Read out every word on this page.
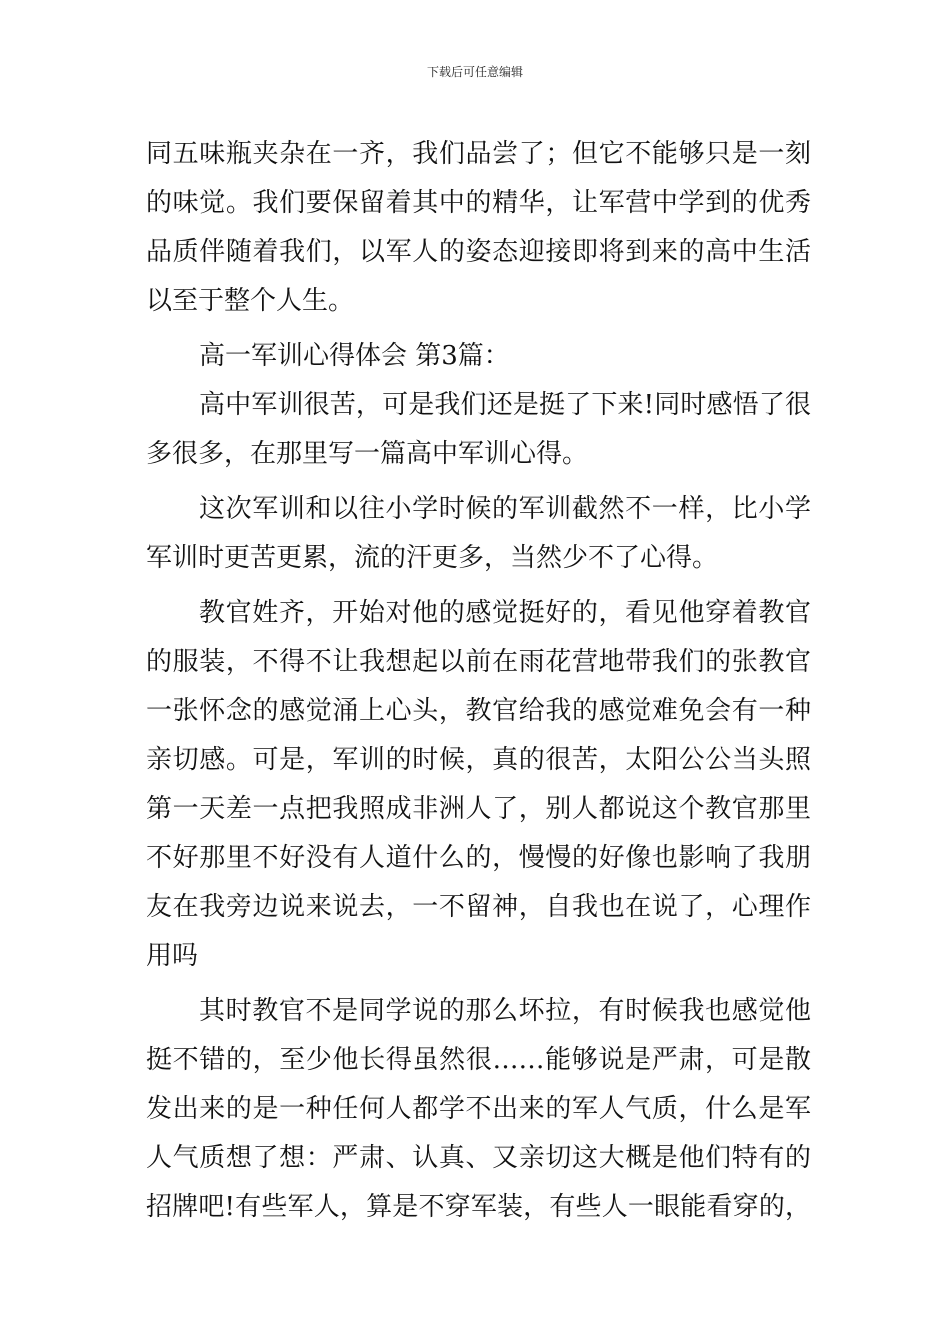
下载后可任意编辑
同五味瓶夹杂在一齐，我们品尝了；但它不能够只是一刻
的味觉。我们要保留着其中的精华，让军营中学到的优秀
品质伴随着我们，以军人的姿态迎接即将到来的高中生活
以至于整个人生。
高一军训心得体会 第3篇：
高中军训很苦，可是我们还是挺了下来!同时感悟了很
多很多，在那里写一篇高中军训心得。
这次军训和以往小学时候的军训截然不一样，比小学
军训时更苦更累，流的汗更多，当然少不了心得。
教官姓齐，开始对他的感觉挺好的，看见他穿着教官
的服装，不得不让我想起以前在雨花营地带我们的张教官
一张怀念的感觉涌上心头，教官给我的感觉难免会有一种
亲切感。可是，军训的时候，真的很苦，太阳公公当头照
第一天差一点把我照成非洲人了，别人都说这个教官那里
不好那里不好没有人道什么的，慢慢的好像也影响了我朋
友在我旁边说来说去，一不留神，自我也在说了，心理作
用吗
其时教官不是同学说的那么坏拉，有时候我也感觉他
挺不错的，至少他长得虽然很……能够说是严肃，可是散
发出来的是一种任何人都学不出来的军人气质，什么是军
人气质想了想：严肃、认真、又亲切这大概是他们特有的
招牌吧!有些军人，算是不穿军装，有些人一眼能看穿的，
